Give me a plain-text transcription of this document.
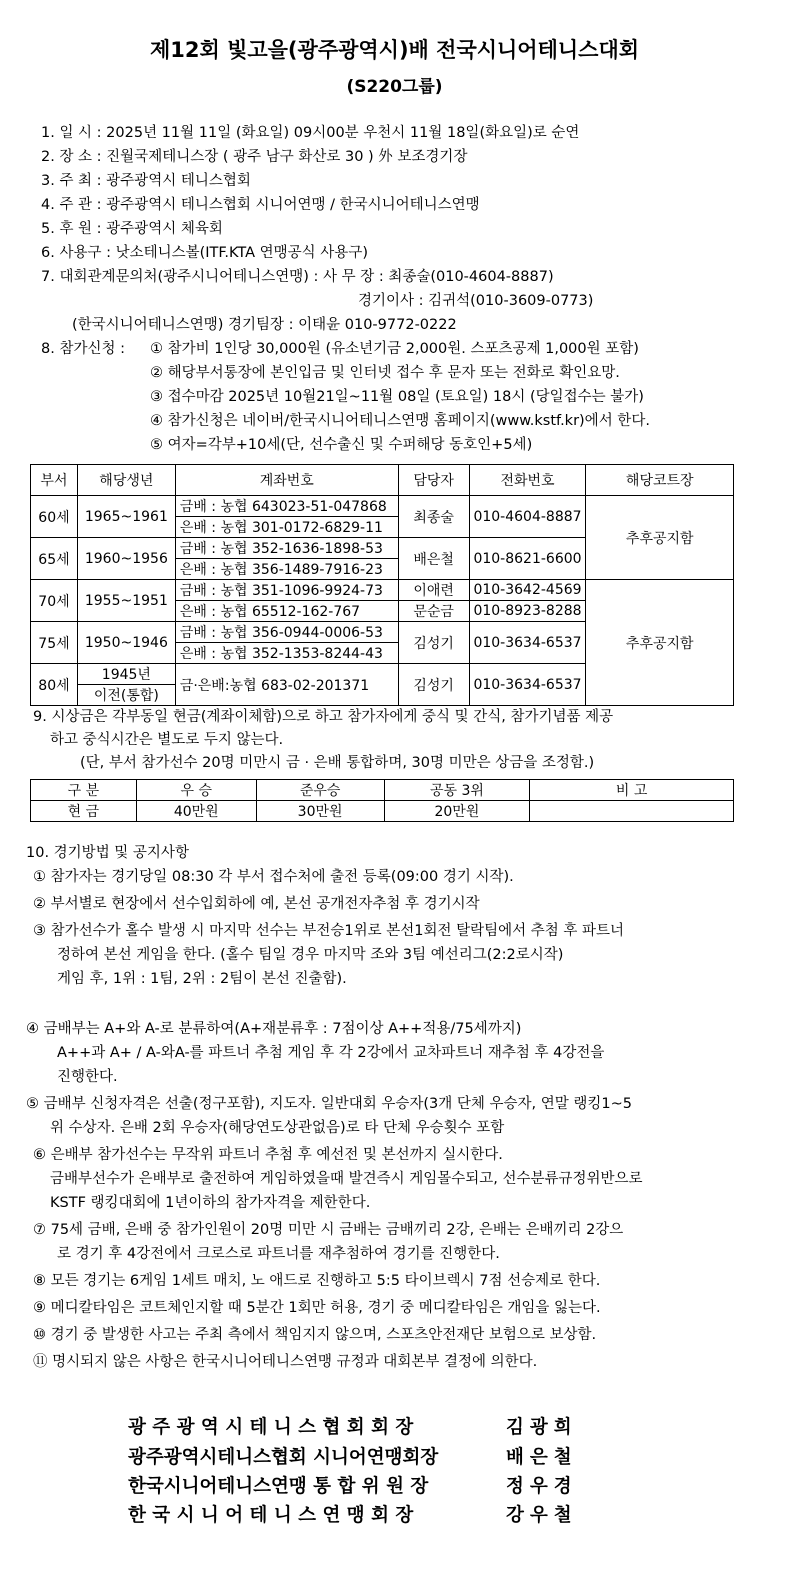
제12회 빛고을(광주광역시)배 전국시니어테니스대회
(S220그룹)
1. 일 시 : 2025년 11월 11일 (화요일) 09시00분 우천시 11월 18일(화요일)로 순연
2. 장 소 : 진월국제테니스장 ( 광주 남구 화산로 30 ) 外 보조경기장
3. 주 최 : 광주광역시 테니스협회
4. 주 관 : 광주광역시 테니스협회 시니어연맹 / 한국시니어테니스연맹
5. 후 원 : 광주광역시 체육회
6. 사용구 : 낫소테니스볼(ITF.KTA 연맹공식 사용구)
7. 대회관계문의처(광주시니어테니스연맹) : 사 무 장 : 최종술(010-4604-8887)
경기이사 : 김귀석(010-3609-0773)
(한국시니어테니스연맹) 경기팀장 : 이태윤 010-9772-0222
8. 참가신청 : ① 참가비 1인당 30,000원 (유소년기금 2,000원. 스포츠공제 1,000원 포함)
② 해당부서통장에 본인입금 및 인터넷 접수 후 문자 또는 전화로 확인요망.
③ 접수마감 2025년 10월21일~11월 08일 (토요일) 18시 (당일접수는 불가)
④ 참가신청은 네이버/한국시니어테니스연맹 홈페이지(www.kstf.kr)에서 한다.
⑤ 여자=각부+10세(단, 선수출신 및 수퍼해당 동호인+5세)
부서	해당생년	계좌번호	담당자	전화번호	해당코트장
60세	1965~1961	금배 : 농협 643023-51-047868	최종술	010-4604-8887	추후공지함
		은배 : 농협 301-0172-6829-11			
65세	1960~1956	금배 : 농협 352-1636-1898-53	배은철	010-8621-6600	
		은배 : 농협 356-1489-7916-23			
70세	1955~1951	금배 : 농협 351-1096-9924-73	이애련	010-3642-4569	추후공지함
		은배 : 농협 65512-162-767	문순금	010-8923-8288	
75세	1950~1946	금배 : 농협 356-0944-0006-53	김성기	010-3634-6537	
		은배 : 농협 352-1353-8244-43			
80세	1945년	금·은배:농협 683-02-201371	김성기	010-3634-6537	
	이전(통합)				
9. 시상금은 각부동일 현금(계좌이체함)으로 하고 참가자에게 중식 및 간식, 참가기념품 제공
하고 중식시간은 별도로 두지 않는다.
(단, 부서 참가선수 20명 미만시 금 · 은배 통합하며, 30명 미만은 상금을 조정함.)
구 분	우 승	준우승	공동 3위	비 고
현 금	40만원	30만원	20만원	
10. 경기방법 및 공지사항
① 참가자는 경기당일 08:30 각 부서 접수처에 출전 등록(09:00 경기 시작).
② 부서별로 현장에서 선수입회하에 예, 본선 공개전자추첨 후 경기시작
③ 참가선수가 홀수 발생 시 마지막 선수는 부전승1위로 본선1회전 탈락팀에서 추첨 후 파트너
정하여 본선 게임을 한다. (홀수 팀일 경우 마지막 조와 3팀 예선리그(2:2로시작)
게임 후, 1위 : 1팀, 2위 : 2팀이 본선 진출함).
④ 금배부는 A+와 A-로 분류하여(A+재분류후 : 7점이상 A++적용/75세까지)
A++과 A+ / A-와A-를 파트너 추첨 게임 후 각 2강에서 교차파트너 재추첨 후 4강전을
진행한다.
⑤ 금배부 신청자격은 선출(정구포함), 지도자. 일반대회 우승자(3개 단체 우승자, 연말 랭킹1~5
위 수상자. 은배 2회 우승자(해당연도상관없음)로 타 단체 우승횟수 포함
⑥ 은배부 참가선수는 무작위 파트너 추첨 후 예선전 및 본선까지 실시한다.
금배부선수가 은배부로 출전하여 게임하였을때 발견즉시 게임몰수되고, 선수분류규정위반으로
KSTF 랭킹대회에 1년이하의 참가자격을 제한한다.
⑦ 75세 금배, 은배 중 참가인원이 20명 미만 시 금배는 금배끼리 2강, 은배는 은배끼리 2강으
로 경기 후 4강전에서 크로스로 파트너를 재추첨하여 경기를 진행한다.
⑧ 모든 경기는 6게임 1세트 매치, 노 애드로 진행하고 5:5 타이브렉시 7점 선승제로 한다.
⑨ 메디칼타임은 코트체인지할 때 5분간 1회만 허용, 경기 중 메디칼타임은 개임을 잃는다.
⑩ 경기 중 발생한 사고는 주최 측에서 책임지지 않으며, 스포츠안전재단 보험으로 보상함.
⑪ 명시되지 않은 사항은 한국시니어테니스연맹 규정과 대회본부 결정에 의한다.
광 주 광 역 시 테 니 스 협 회 회 장	김광희
광주광역시테니스협회 시니어연맹회장	배은철
한국시니어테니스연맹 통 합 위 원 장	정우경
한 국 시 니 어 테 니 스 연 맹 회 장	강우철
